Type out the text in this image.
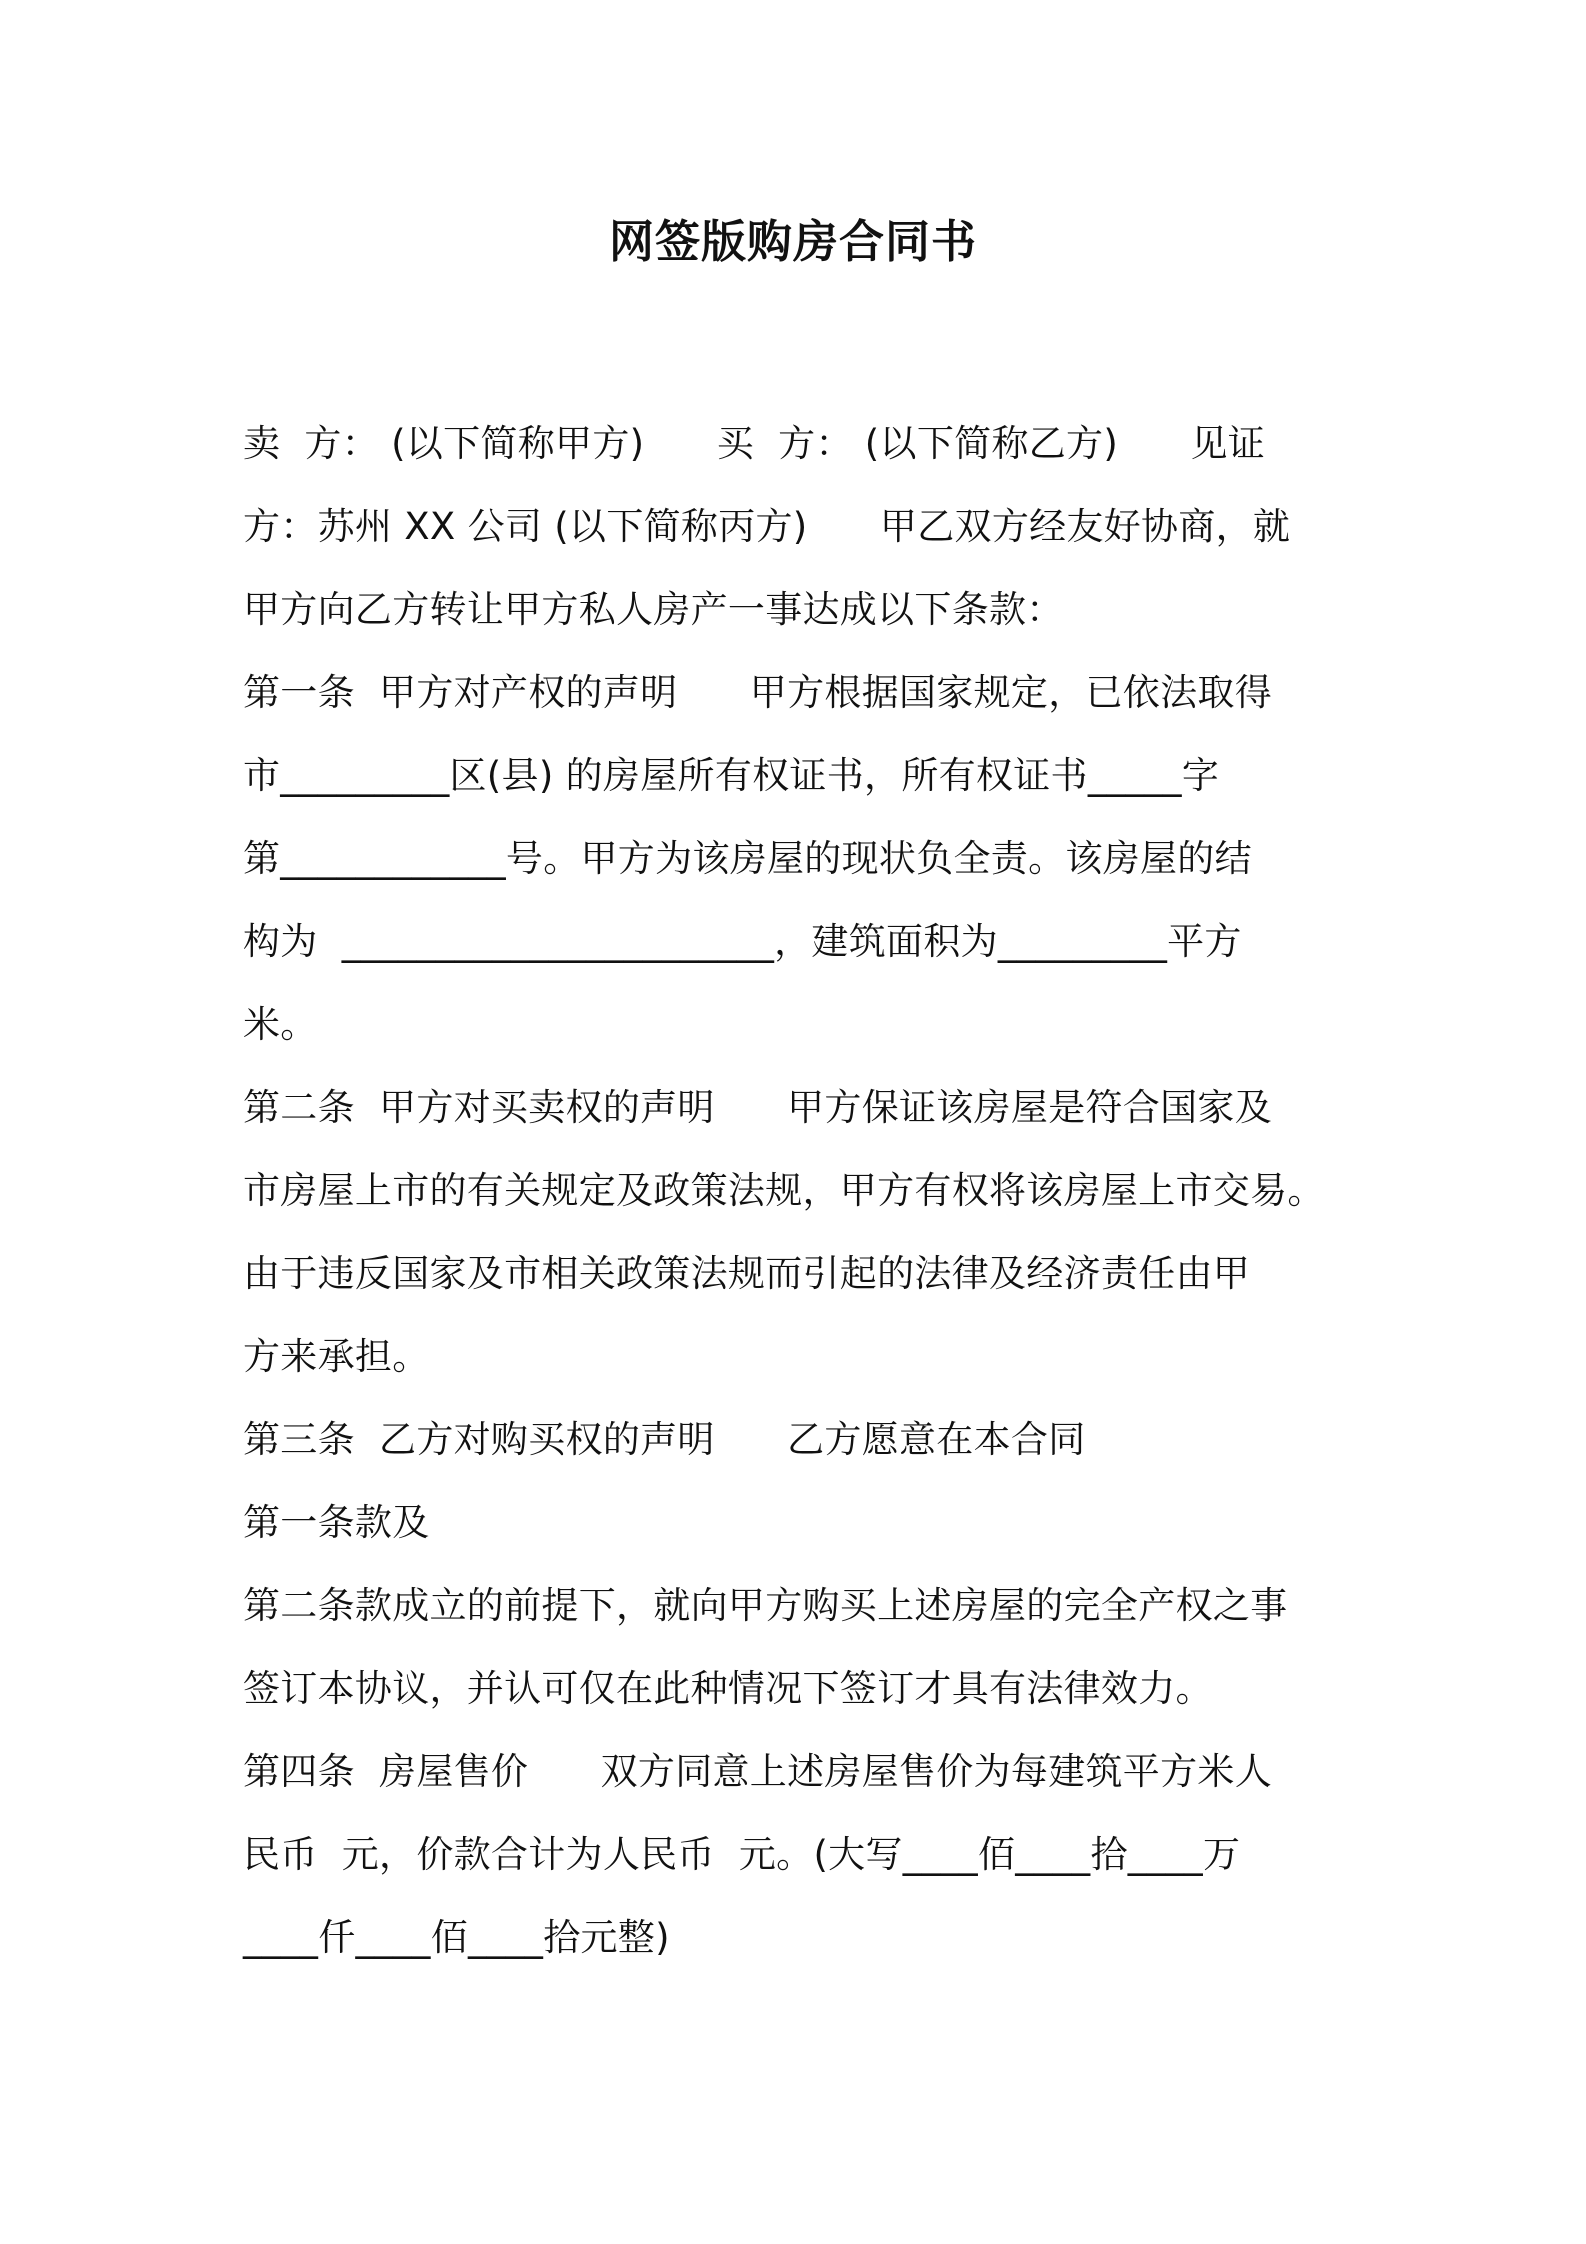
网签版购房合同书
卖  方： (以下简称甲方)      买  方： (以下简称乙方)      见证
方：苏州 XX 公司 (以下简称丙方)      甲乙双方经友好协商，就
甲方向乙方转让甲方私人房产一事达成以下条款：
第一条  甲方对产权的声明      甲方根据国家规定，已依法取得
市_________区(县) 的房屋所有权证书，所有权证书_____字
第____________号。甲方为该房屋的现状负全责。该房屋的结
构为  _______________________，建筑面积为_________平方
米。
第二条  甲方对买卖权的声明      甲方保证该房屋是符合国家及
市房屋上市的有关规定及政策法规，甲方有权将该房屋上市交易。
由于违反国家及市相关政策法规而引起的法律及经济责任由甲
方来承担。
第三条  乙方对购买权的声明      乙方愿意在本合同
第一条款及
第二条款成立的前提下，就向甲方购买上述房屋的完全产权之事
签订本协议，并认可仅在此种情况下签订才具有法律效力。
第四条  房屋售价      双方同意上述房屋售价为每建筑平方米人
民币  元，价款合计为人民币  元。(大写____佰____拾____万
____仟____佰____拾元整)
